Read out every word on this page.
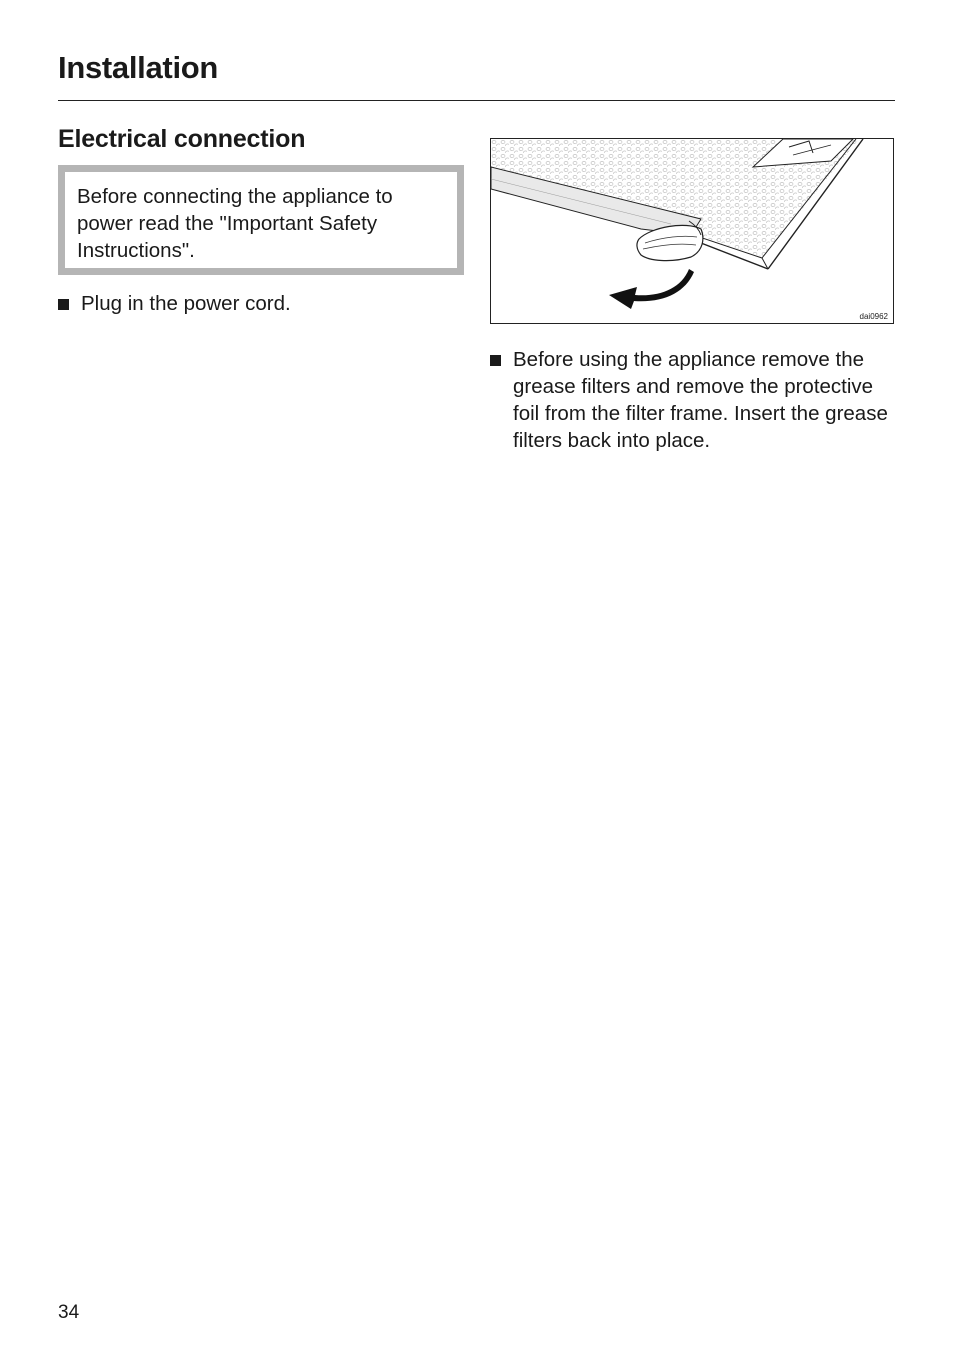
Installation
Electrical connection
Before connecting the appliance to power read the "Important Safety Instructions".
Plug in the power cord.
dai0962
Before using the appliance remove the grease filters and remove the protective foil from the filter frame. Insert the grease filters back into place.
34
